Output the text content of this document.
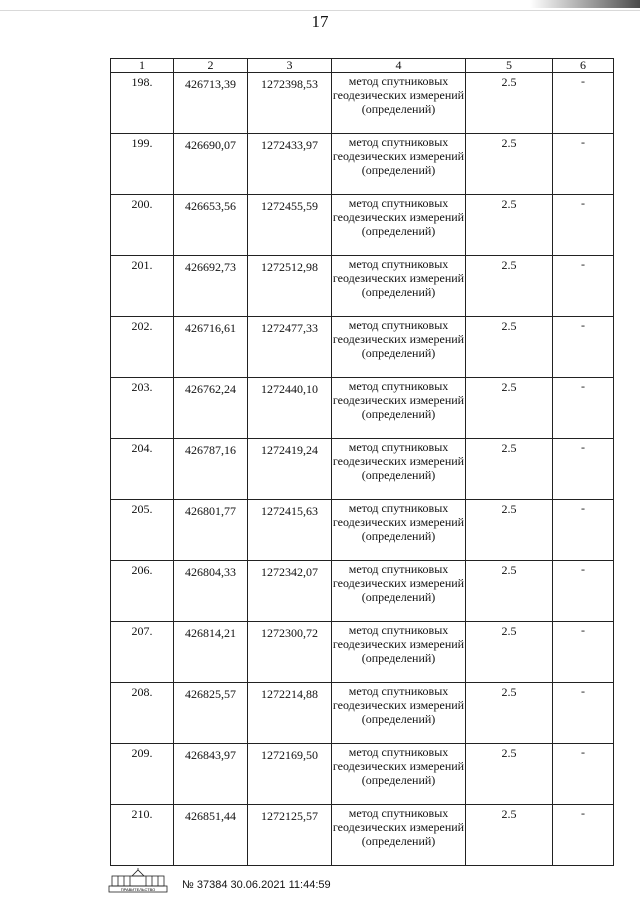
17
1	2	3	4	5	6
198.	426713,39	1272398,53	метод спутниковых геодезических измерений (определений)	2.5	-
199.	426690,07	1272433,97	метод спутниковых геодезических измерений (определений)	2.5	-
200.	426653,56	1272455,59	метод спутниковых геодезических измерений (определений)	2.5	-
201.	426692,73	1272512,98	метод спутниковых геодезических измерений (определений)	2.5	-
202.	426716,61	1272477,33	метод спутниковых геодезических измерений (определений)	2.5	-
203.	426762,24	1272440,10	метод спутниковых геодезических измерений (определений)	2.5	-
204.	426787,16	1272419,24	метод спутниковых геодезических измерений (определений)	2.5	-
205.	426801,77	1272415,63	метод спутниковых геодезических измерений (определений)	2.5	-
206.	426804,33	1272342,07	метод спутниковых геодезических измерений (определений)	2.5	-
207.	426814,21	1272300,72	метод спутниковых геодезических измерений (определений)	2.5	-
208.	426825,57	1272214,88	метод спутниковых геодезических измерений (определений)	2.5	-
209.	426843,97	1272169,50	метод спутниковых геодезических измерений (определений)	2.5	-
210.	426851,44	1272125,57	метод спутниковых геодезических измерений (определений)	2.5	-
ПРАВИТЕЛЬСТВО № 37384 30.06.2021 11:44:59
